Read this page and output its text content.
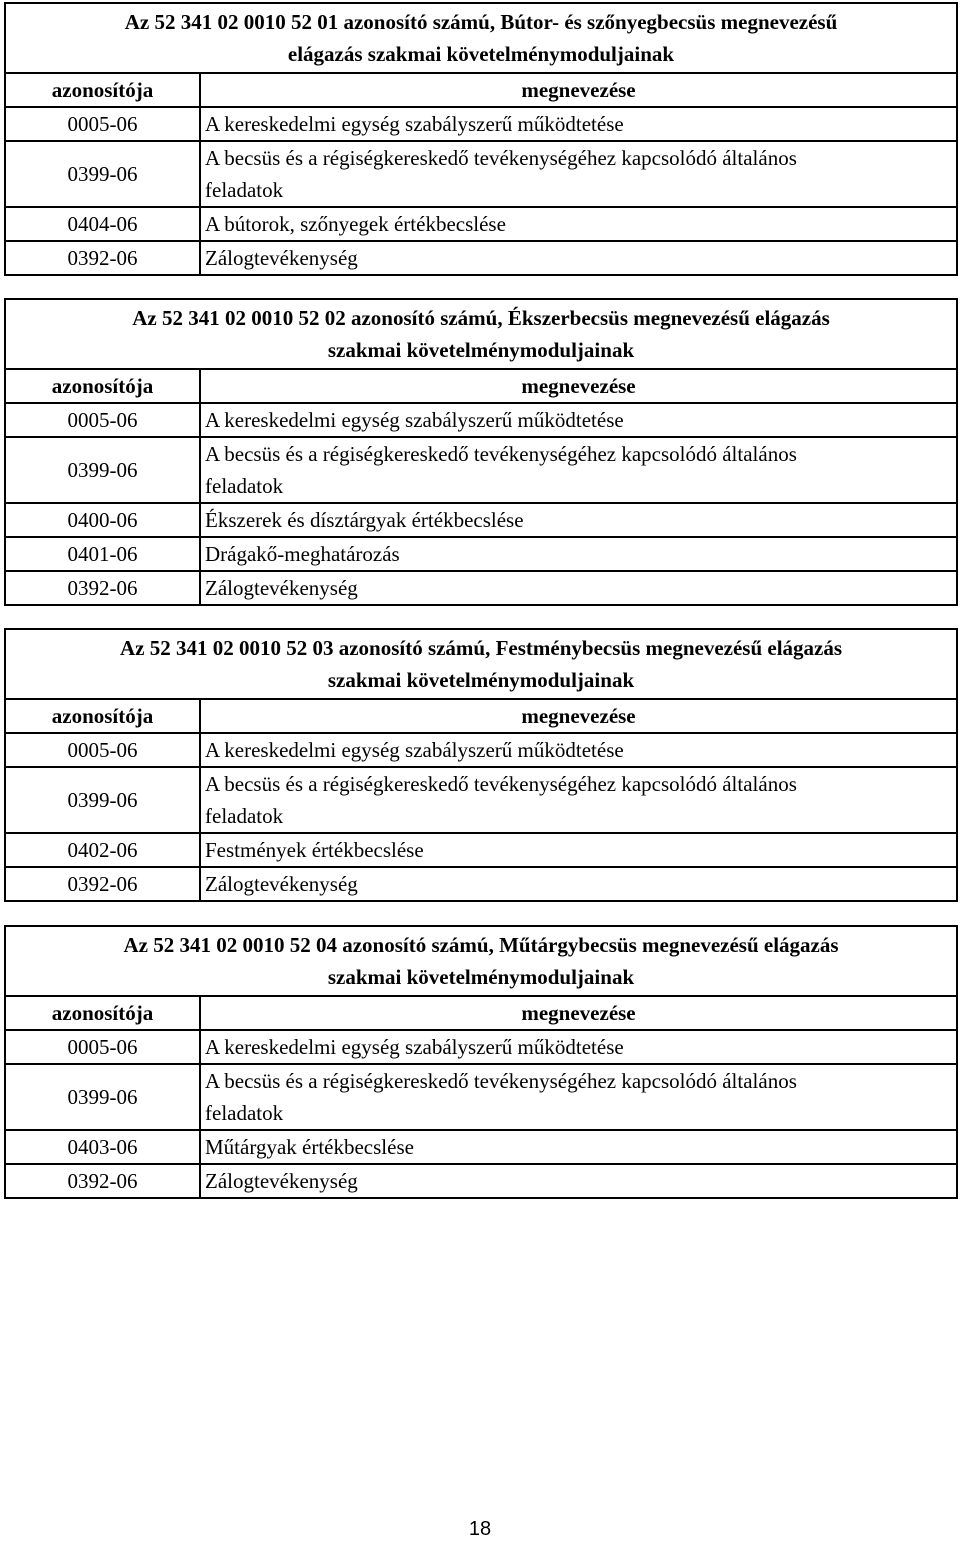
Az 52 341 02 0010 52 01 azonosító számú, Bútor- és szőnyegbecsüs megnevezésű
elágazás szakmai követelménymoduljainak	
azonosítója	megnevezése
0005-06	A kereskedelmi egység szabályszerű működtetése
0399-06	A becsüs és a régiségkereskedő tevékenységéhez kapcsolódó általános
feladatok
0404-06	A bútorok, szőnyegek értékbecslése
0392-06	Zálogtevékenység
Az 52 341 02 0010 52 02 azonosító számú, Ékszerbecsüs megnevezésű elágazás
szakmai követelménymoduljainak	
azonosítója	megnevezése
0005-06	A kereskedelmi egység szabályszerű működtetése
0399-06	A becsüs és a régiségkereskedő tevékenységéhez kapcsolódó általános
feladatok
0400-06	Ékszerek és dísztárgyak értékbecslése
0401-06	Drágakő-meghatározás
0392-06	Zálogtevékenység
Az 52 341 02 0010 52 03 azonosító számú, Festménybecsüs megnevezésű elágazás
szakmai követelménymoduljainak	
azonosítója	megnevezése
0005-06	A kereskedelmi egység szabályszerű működtetése
0399-06	A becsüs és a régiségkereskedő tevékenységéhez kapcsolódó általános
feladatok
0402-06	Festmények értékbecslése
0392-06	Zálogtevékenység
Az 52 341 02 0010 52 04 azonosító számú, Műtárgybecsüs megnevezésű elágazás
szakmai követelménymoduljainak	
azonosítója	megnevezése
0005-06	A kereskedelmi egység szabályszerű működtetése
0399-06	A becsüs és a régiségkereskedő tevékenységéhez kapcsolódó általános
feladatok
0403-06	Műtárgyak értékbecslése
0392-06	Zálogtevékenység
18
